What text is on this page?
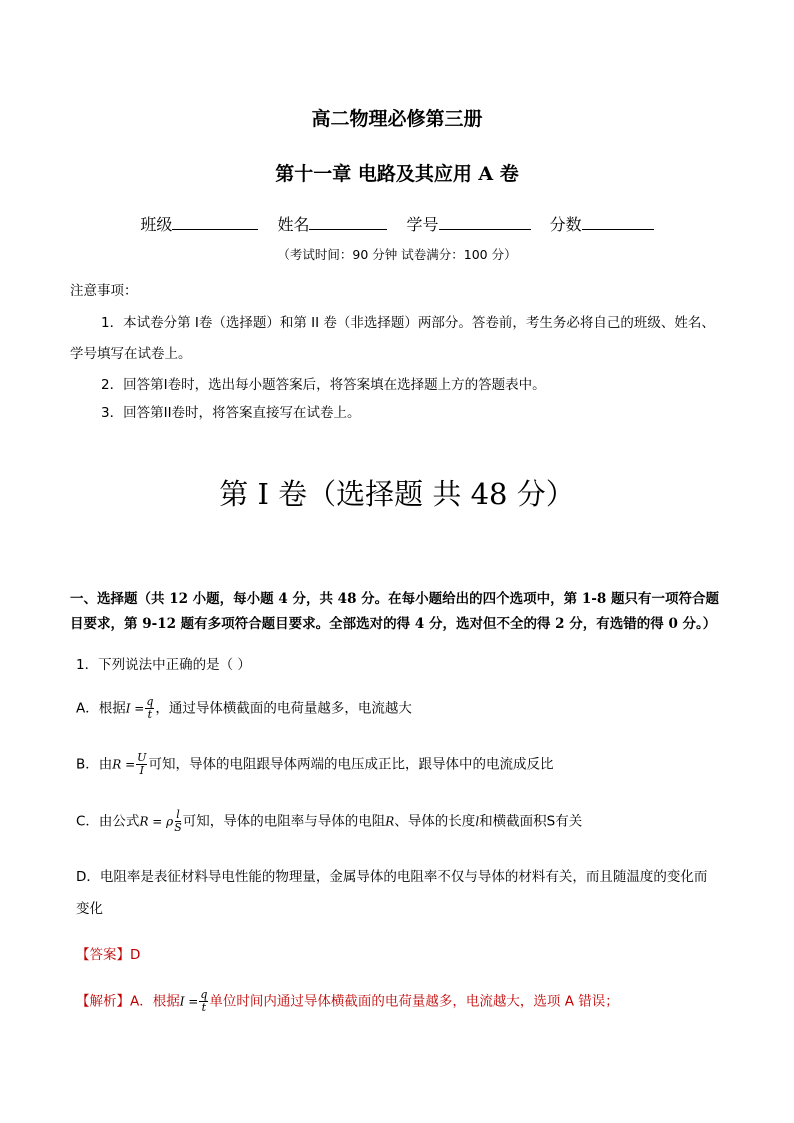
高二物理必修第三册
第十一章 电路及其应用 A 卷
班级	姓名	学号	分数
（考试时间：90 分钟 试卷满分：100 分）
注意事项：
1．本试卷分第 I卷（选择题）和第 II 卷（非选择题）两部分。答卷前，考生务必将自己的班级、姓名、
学号填写在试卷上。
2．回答第I卷时，选出每小题答案后，将答案填在选择题上方的答题表中。
3．回答第II卷时，将答案直接写在试卷上。
第 I 卷（选择题 共 48 分）
一、选择题（共 12 小题，每小题 4 分，共 48 分。在每小题给出的四个选项中，第 1-8 题只有一项符合题
目要求，第 9-12 题有多项符合题目要求。全部选对的得 4 分，选对但不全的得 2 分，有选错的得 0 分。）
1．下列说法中正确的是（ ）
A．根据$I = \frac{q}{t}$ ，通过导体横截面的电荷量越多，电流越大
B．由$R = \frac{U}{I}$ 可知，导体的电阻跟导体两端的电压成正比，跟导体中的电流成反比
C．由公式R = ρ $\frac{l}{S}$ 可知，导体的电阻率与导体的电阻R、导体的长度l和横截面积S有关
D．电阻率是表征材料导电性能的物理量，金属导体的电阻率不仅与导体的材料有关，而且随温度的变化而
变化
【答案】D
【解析】A．根据$I = \frac{q}{t}$ 单位时间内通过导体横截面的电荷量越多，电流越大，选项 A 错误；
